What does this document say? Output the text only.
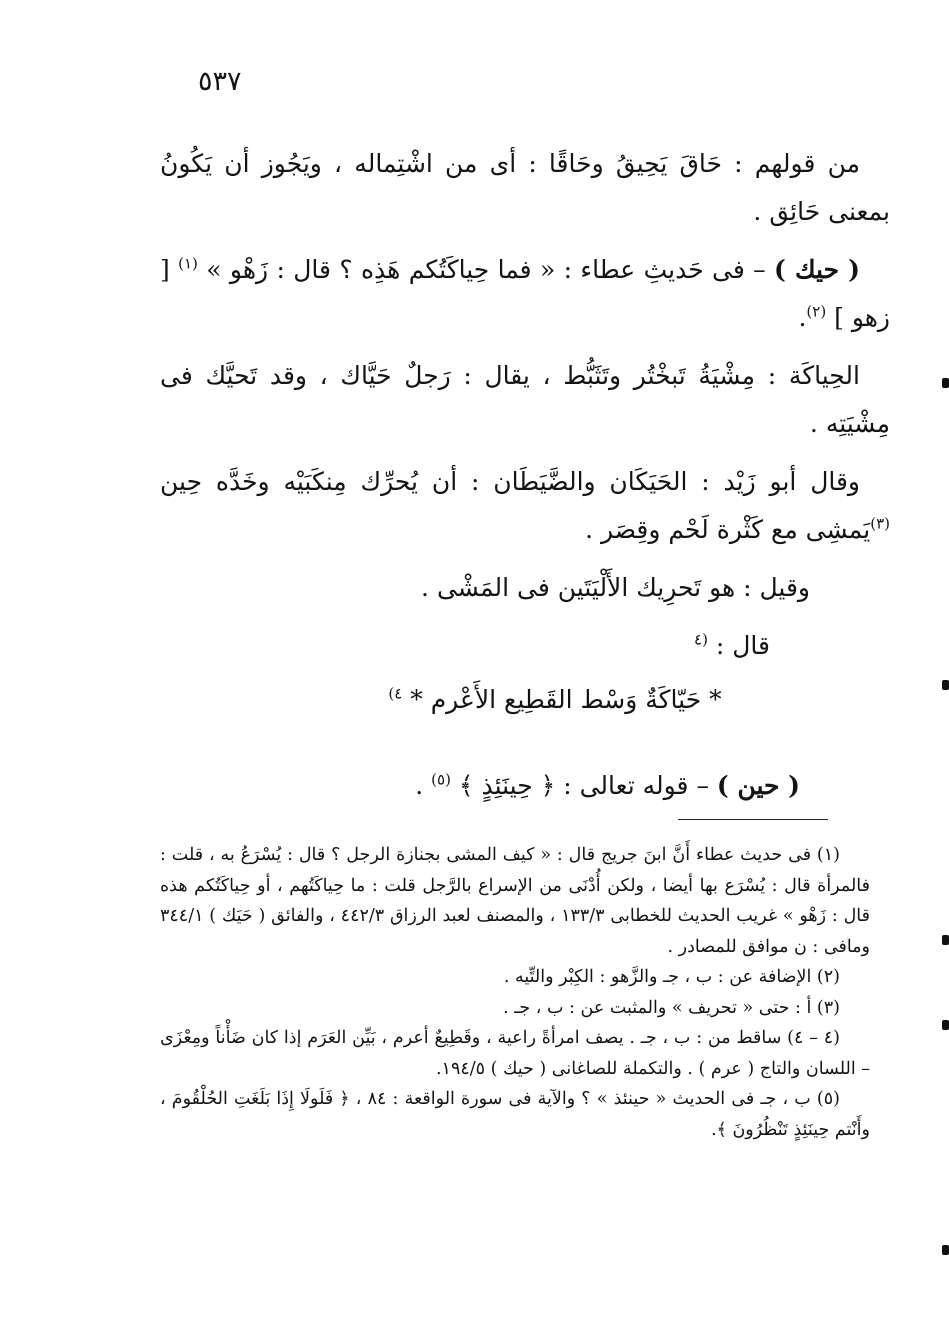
٥٣٧

من قولهم : حَاقَ يَحِيقُ وحَاقًا : أى من اشْتِماله ، ويَجُوز أن يَكُونُ بمعنى حَائِق .

( حيك ) – فى حَديثِ عطاء : « فما حِياكَتُكم هَذِه ؟ قال : زَهْو » $^{(١)}$ [ زهو ] $^{(٢)}$.

الحِياكَة : مِشْيَةُ تَبخْتُر وتَثَبُّط ، يقال : رَجلٌ حَيَّاك ، وقد تَحيَّك فى مِشْيَتِه .

وقال أبو زَيْد : الحَيَكَان والضَّيَطَان : أن يُحرِّك مِنكَبَيْه وخَدَّه حِين $^{(٣)}$يَمشِى مع كَثْرة لَحْم وقِصَر .

وقيل : هو تَحرِيك الأَلْيَتَين فى المَشْى .

قال : $^{(٤}$

* حَيّاكَةٌ وَسْط القَطِيع الأَعْرم * $^{٤)}$

( حين ) – قوله تعالى : ﴿ حِينَئِذٍ ﴾ $^{(٥)}$ .

(١) فى حديث عطاء أَنَّ ابنَ جريج قال : « كيف المشى بجنازة الرجل ؟ قال : يُسْرَعُ به ، قلت : فالمرأة قال : يُسْرَع بها أيضا ، ولكن أُدْنَى من الإسراع بالرَّجل قلت : ما حِياكَتُهم ، أو حِياكَتُكم هذه قال : زَهْو » غريب الحديث للخطابى ١٣٣/٣ ، والمصنف لعبد الرزاق ٤٤٢/٣ ، والفائق ( حَيَك ) ٣٤٤/١ ومافى : ن موافق للمصادر .

(٢) الإضافة عن : ب ، جـ والزَّهو : الكِبْر والتِّيه .

(٣) أ : حتى « تحريف » والمثبت عن : ب ، جـ .

(٤ – ٤) ساقط من : ب ، جـ . يصف امرأةً راعية ، وقَطِيعٌ أعرم ، بَيِّن العَرَم إذا كان ضَأْناً ومِعْزَى – اللسان والتاج ( عرم ) . والتكملة للصاغانى ( حيك ) ١٩٤/٥.

(٥) ب ، جـ فى الحديث « حينئذ » ؟ والآية فى سورة الواقعة : ٨٤ ، ﴿ فَلَولَا إِذَا بَلَغَتِ الحُلْقُومَ ، وأَنْتم حِينَئِذٍ تَنْظُرُونَ ﴾.
